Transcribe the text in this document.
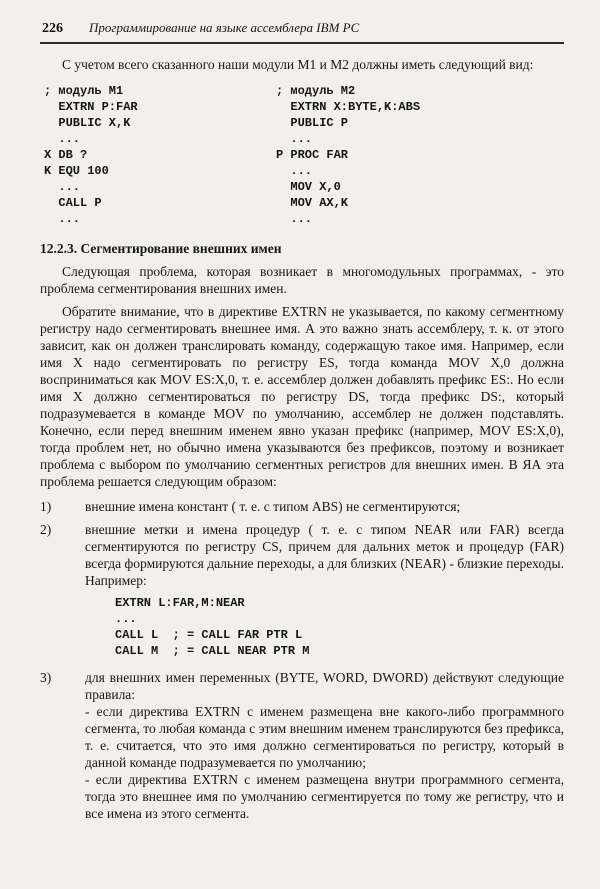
226 Программирование на языке ассемблера IBM PC

С учетом всего сказанного наши модули M1 и M2 должны иметь следующий вид:

; модуль M1
EXTRN P:FAR
PUBLIC X,K
...
X DB ?
K EQU 100
...
CALL P
...
; модуль M2
EXTRN X:BYTE,K:ABS
PUBLIC P
...
P PROC FAR
...
MOV X,0
MOV AX,K
...
12.2.3. Сегментирование внешних имен

Следующая проблема, которая возникает в многомодульных программах, - это проблема сегментирования внешних имен.

Обратите внимание, что в директиве EXTRN не указывается, по какому сегментному регистру надо сегментировать внешнее имя. А это важно знать ассемблеру, т. к. от этого зависит, как он должен транслировать команду, содержащую такое имя. Например, если имя X надо сегментировать по регистру ES, тогда команда MOV X,0 должна восприниматься как MOV ES:X,0, т. е. ассемблер должен добавлять префикс ES:. Но если имя X должно сегментироваться по регистру DS, тогда префикс DS:, который подразумевается в команде MOV по умолчанию, ассемблер не должен подставлять. Конечно, если перед внешним именем явно указан префикс (например, MOV ES:X,0), тогда проблем нет, но обычно имена указываются без префиксов, поэтому и возникает проблема с выбором по умолчанию сегментных регистров для внешних имен. В ЯА эта проблема решается следующим образом:

1)	внешние имена констант ( т. е. с типом ABS) не сегментируются;

2)	внешние метки и имена процедур ( т. е. с типом NEAR или FAR) всегда сегментируются по регистру CS, причем для дальних меток и процедур (FAR) всегда формируются дальние переходы, а для близких (NEAR) - близкие переходы. Например:

EXTRN L:FAR,M:NEAR
...
CALL L  ; = CALL FAR PTR L
CALL M  ; = CALL NEAR PTR M
3)	для внешних имен переменных (BYTE, WORD, DWORD) действуют следующие правила:

- если директива EXTRN с именем размещена вне какого-либо программного сегмента, то любая команда с этим внешним именем транслируются без префикса, т. е. считается, что это имя должно сегментироваться по регистру, который в данной команде подразумевается по умолчанию;

- если директива EXTRN с именем размещена внутри программного сегмента, тогда это внешнее имя по умолчанию сегментируется по тому же регистру, что и все имена из этого сегмента.
